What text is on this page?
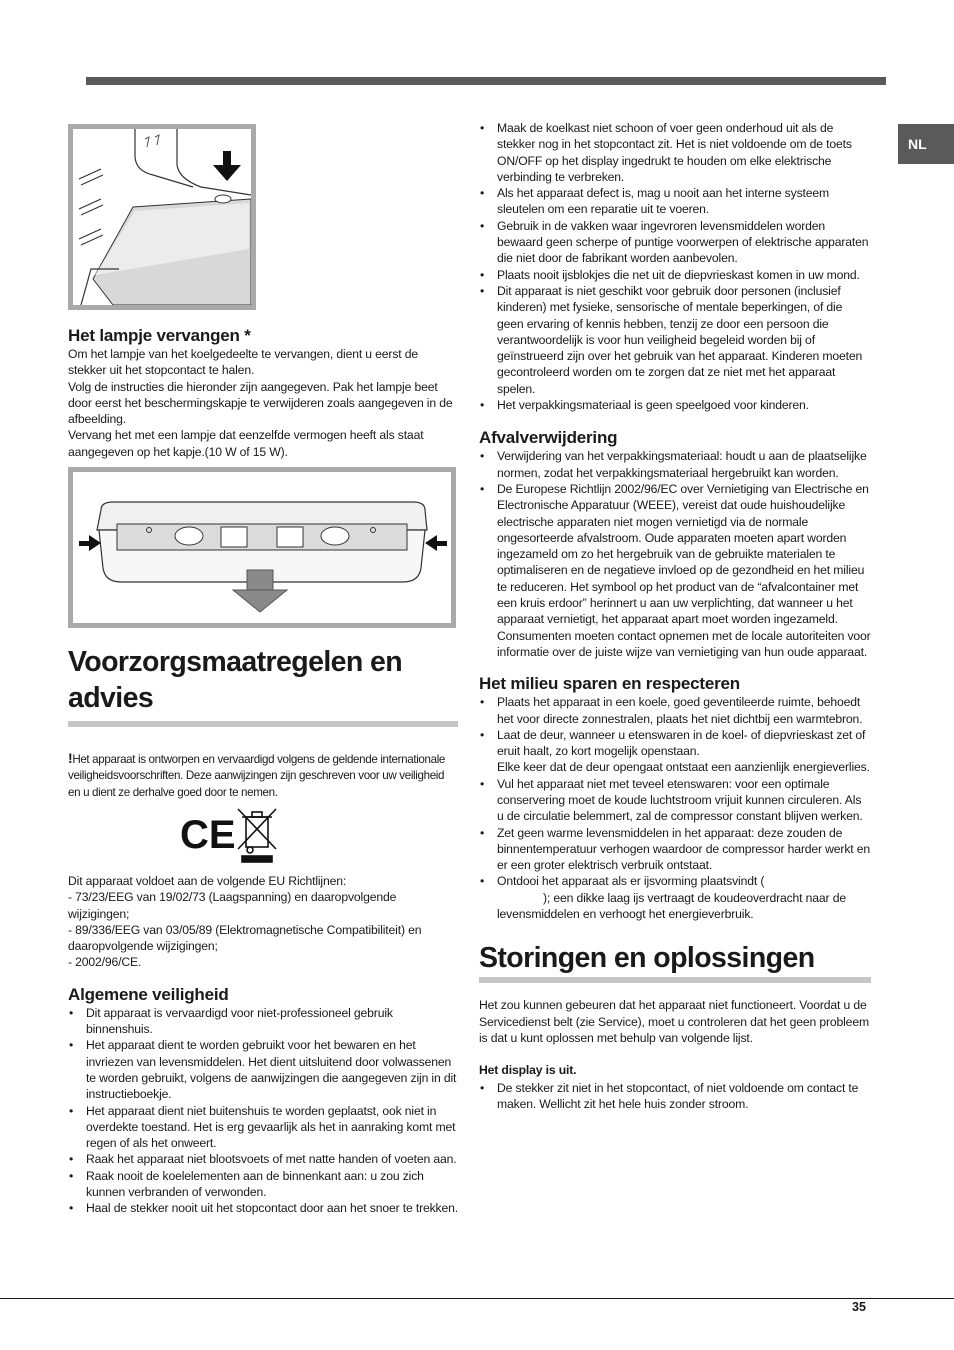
NL
Het lampje vervangen *

Om het lampje van het koelgedeelte te vervangen, dient u eerst de stekker uit het stopcontact te halen.

Volg de instructies die hieronder zijn aangegeven. Pak het lampje beet door eerst het beschermingskapje te verwijderen zoals aangegeven in de afbeelding.

Vervang het met een lampje dat eenzelfde vermogen heeft als staat aangegeven op het kapje.(10 W of 15 W).

Voorzorgsmaatregelen en
advies

!Het apparaat is ontworpen en vervaardigd volgens de geldende internationale veiligheidsvoorschriften. Deze aanwijzingen zijn geschreven voor uw veiligheid en u dient ze derhalve goed door te nemen.

CE

Dit apparaat voldoet aan de volgende EU Richtlijnen:

- 73/23/EEG van 19/02/73 (Laagspanning) en daaropvolgende wijzigingen;

- 89/336/EEG van 03/05/89 (Elektromagnetische Compatibiliteit) en daaropvolgende wijzigingen;

- 2002/96/CE.

Algemene veiligheid
• Dit apparaat is vervaardigd voor niet-professioneel gebruik binnenshuis.
• Het apparaat dient te worden gebruikt voor het bewaren en het invriezen van levensmiddelen. Het dient uitsluitend door volwassenen te worden gebruikt, volgens de aanwijzingen die aangegeven zijn in dit instructieboekje.
• Het apparaat dient niet buitenshuis te worden geplaatst, ook niet in overdekte toestand. Het is erg gevaarlijk als het in aanraking komt met regen of als het onweert.
• Raak het apparaat niet blootsvoets of met natte handen of voeten aan.
• Raak nooit de koelelementen aan de binnenkant aan: u zou zich kunnen verbranden of verwonden.
• Haal de stekker nooit uit het stopcontact door aan het snoer te trekken.
• Maak de koelkast niet schoon of voer geen onderhoud uit als de stekker nog in het stopcontact zit. Het is niet voldoende om de toets ON/OFF op het display ingedrukt te houden om elke elektrische verbinding te verbreken.
• Als het apparaat defect is, mag u nooit aan het interne systeem sleutelen om een reparatie uit te voeren.
• Gebruik in de vakken waar ingevroren levensmiddelen worden bewaard geen scherpe of puntige voorwerpen of elektrische apparaten die niet door de fabrikant worden aanbevolen.
• Plaats nooit ijsblokjes die net uit de diepvrieskast komen in uw mond.
• Dit apparaat is niet geschikt voor gebruik door personen (inclusief kinderen) met fysieke, sensorische of mentale beperkingen, of die geen ervaring of kennis hebben, tenzij ze door een persoon die verantwoordelijk is voor hun veiligheid begeleid worden bij of geïnstrueerd zijn over het gebruik van het apparaat. Kinderen moeten gecontroleerd worden om te zorgen dat ze niet met het apparaat spelen.
• Het verpakkingsmateriaal is geen speelgoed voor kinderen.
Afvalverwijdering
• Verwijdering van het verpakkingsmateriaal: houdt u aan de plaatselijke normen, zodat het verpakkingsmateriaal hergebruikt kan worden.
• De Europese Richtlijn 2002/96/EC over Vernietiging van Electrische en Electronische Apparatuur (WEEE), vereist dat oude huishoudelijke electrische apparaten niet mogen vernietigd via de normale ongesorteerde afvalstroom. Oude apparaten moeten apart worden ingezameld om zo het hergebruik van de gebruikte materialen te optimaliseren en de negatieve invloed op de gezondheid en het milieu te reduceren. Het symbool op het product van de “afvalcontainer met een kruis erdoor” herinnert u aan uw verplichting, dat wanneer u het apparaat vernietigt, het apparaat apart moet worden ingezameld.
Consumenten moeten contact opnemen met de locale autoriteiten voor informatie over de juiste wijze van vernietiging van hun oude apparaat.
Het milieu sparen en respecteren
• Plaats het apparaat in een koele, goed geventileerde ruimte, behoedt het voor directe zonnestralen, plaats het niet dichtbij een warmtebron.
• Laat de deur, wanneer u etenswaren in de koel- of diepvrieskast zet of eruit haalt, zo kort mogelijk openstaan.
Elke keer dat de deur opengaat ontstaat een aanzienlijk energieverlies.
• Vul het apparaat niet met teveel etenswaren: voor een optimale conservering moet de koude luchtstroom vrijuit kunnen circuleren. Als u de circulatie belemmert, zal de compressor constant blijven werken.
• Zet geen warme levensmiddelen in het apparaat: deze zouden de binnentemperatuur verhogen waardoor de compressor harder werkt en er een groter elektrisch verbruik ontstaat.
• Ontdooi het apparaat als er ijsvorming plaatsvindt (
); een dikke laag ijs vertraagt de koudeoverdracht naar de levensmiddelen en verhoogt het energieverbruik.
Storingen en oplossingen

Het zou kunnen gebeuren dat het apparaat niet functioneert. Voordat u de Servicedienst belt (zie Service), moet u controleren dat het geen probleem is dat u kunt oplossen met behulp van volgende lijst.

Het display is uit.

• De stekker zit niet in het stopcontact, of niet voldoende om contact te maken. Wellicht zit het hele huis zonder stroom.
35
